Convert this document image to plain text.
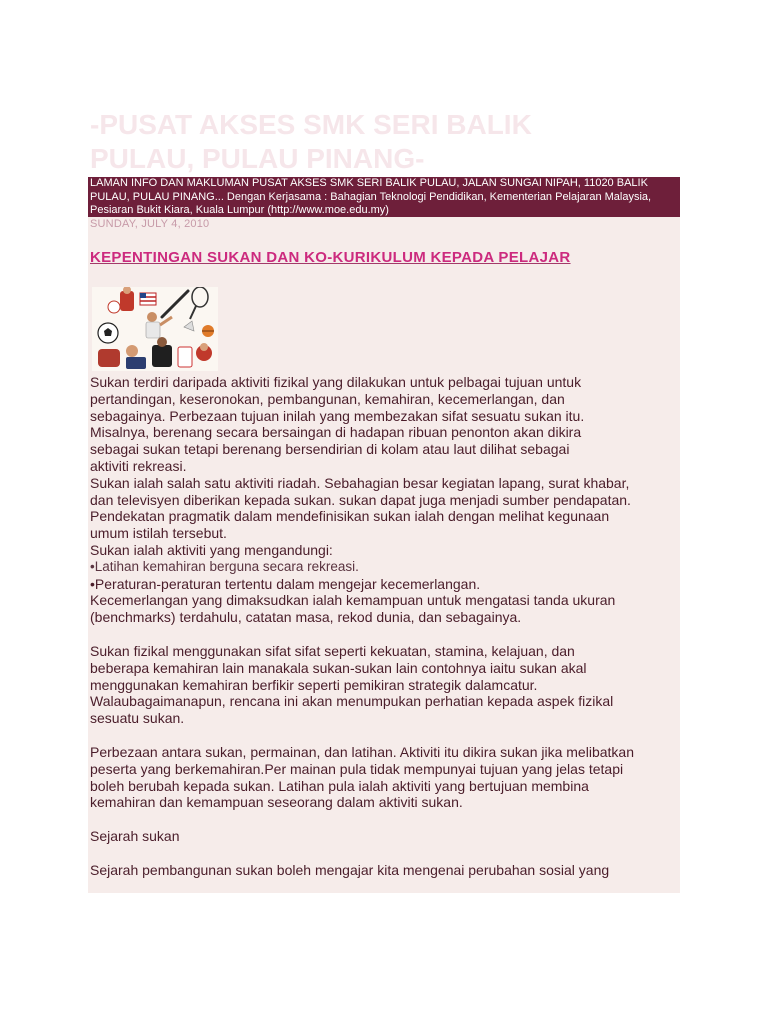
-PUSAT AKSES SMK SERI BALIK
PULAU, PULAU PINANG-
LAMAN INFO DAN MAKLUMAN PUSAT AKSES SMK SERI BALIK PULAU, JALAN SUNGAI NIPAH, 11020 BALIK PULAU, PULAU PINANG... Dengan Kerjasama : Bahagian Teknologi Pendidikan, Kementerian Pelajaran Malaysia, Pesiaran Bukit Kiara, Kuala Lumpur (http://www.moe.edu.my)
SUNDAY, JULY 4, 2010
KEPENTINGAN SUKAN DAN KO-KURIKULUM KEPADA PELAJAR

Sukan terdiri daripada aktiviti fizikal yang dilakukan untuk pelbagai tujuan untuk

pertandingan, keseronokan, pembangunan, kemahiran, kecemerlangan, dan

sebagainya. Perbezaan tujuan inilah yang membezakan sifat sesuatu sukan itu.

Misalnya, berenang secara bersaingan di hadapan ribuan penonton akan dikira

sebagai sukan tetapi berenang bersendirian di kolam atau laut dilihat sebagai

aktiviti rekreasi.

Sukan ialah salah satu aktiviti riadah. Sebahagian besar kegiatan lapang, surat khabar,

dan televisyen diberikan kepada sukan. sukan dapat juga menjadi sumber pendapatan.

Pendekatan pragmatik dalam mendefinisikan sukan ialah dengan melihat kegunaan

umum istilah tersebut.

Sukan ialah aktiviti yang mengandungi:

•Latihan kemahiran berguna secara rekreasi.

•Peraturan-peraturan tertentu dalam mengejar kecemerlangan.

Kecemerlangan yang dimaksudkan ialah kemampuan untuk mengatasi tanda ukuran

(benchmarks) terdahulu, catatan masa, rekod dunia, dan sebagainya.

Sukan fizikal menggunakan sifat sifat seperti kekuatan, stamina, kelajuan, dan

beberapa kemahiran lain manakala sukan-sukan lain contohnya iaitu sukan akal

menggunakan kemahiran berfikir seperti pemikiran strategik dalamcatur.

Walaubagaimanapun, rencana ini akan menumpukan perhatian kepada aspek fizikal

sesuatu sukan.

Perbezaan antara sukan, permainan, dan latihan. Aktiviti itu dikira sukan jika melibatkan

peserta yang berkemahiran.Per mainan pula tidak mempunyai tujuan yang jelas tetapi

boleh berubah kepada sukan. Latihan pula ialah aktiviti yang bertujuan membina

kemahiran dan kemampuan seseorang dalam aktiviti sukan.

Sejarah sukan

Sejarah pembangunan sukan boleh mengajar kita mengenai perubahan sosial yang
